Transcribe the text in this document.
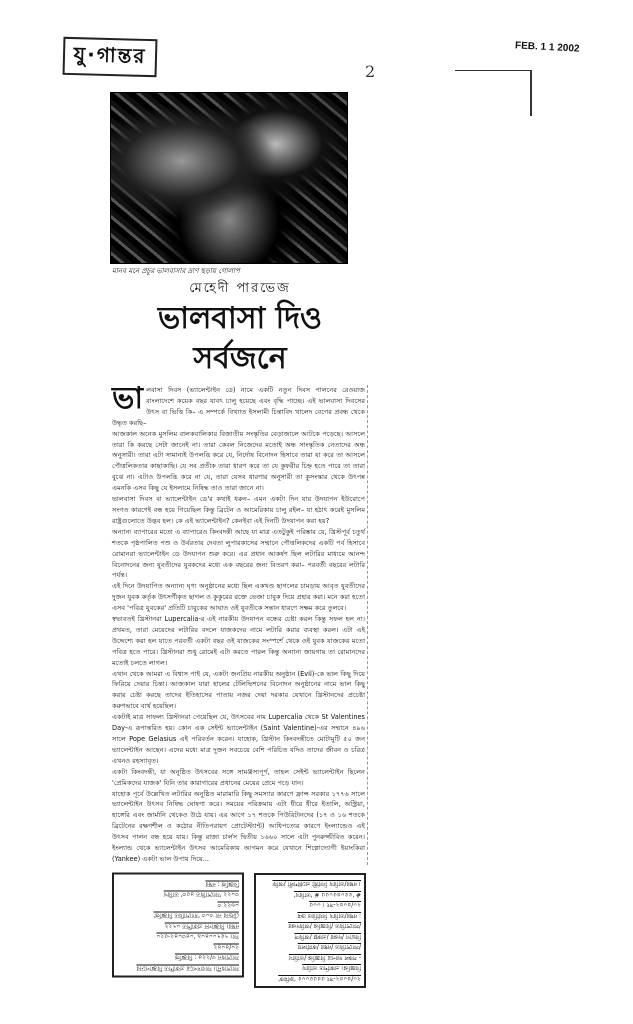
যু·গান্তর	FEB. 1 1 2002
2
মানব মনে প্রচুর ভালবাসার দ্রাণ ছড়ায় গোলাপ
মেহেদী পারভেজ
ভালবাসা দিও সর্বজনে

ভালবাসা দিবস (ভ্যালেন্টাইন ডে) নামে একটি নতুন দিবস পালনের রেওয়াজ বাংলাদেশে কয়েক বছর যাবৎ চালু হয়েছে এবং বৃদ্ধি পাচ্ছে। এই ভালবাসা দিবসের উৎস বা ভিত্তি কি– এ সম্পর্কে বিখ্যাত ইসলামী চিন্তাবিদ খালেদ বেগের প্রবন্ধ থেকে উদ্ধৃত করছি–

আজকাল অনেক মুসলিম বালকবালিকার বিজাতীয় সংস্কৃতির বেড়াজালে আটকে পড়েছে। আসলে তারা কি করছে সেটা জানেই না। তারা কেবল নিজেদের মতোই অন্ধ সাংস্কৃতিক নেতাদের অন্ধ অনুসারী। তারা এটা সামান্যই উপলব্ধি করে যে, নির্দোষ বিনোদন হিসাবে তারা যা করে তা আসলে পৌত্তলিকতার কাছাকাছি। যে সব প্রতীক তারা ধারণ করে তা যে কুফরীর চিহ্ন হতে পারে তা তারা বুঝে না। এটাও উপলব্ধি করে না যে, তারা যেসব ধারণার অনুসারী তা কুসংস্কার থেকে উৎপন্ন এমনকি এসব কিছু যে ইসলামে নিষিদ্ধ তাও তারা জানে না।

ভালবাসা দিবস বা ভ্যালেন্টাইন ডে'র কথাই ধরুন– এমন একটা দিন যার উদযাপন ইউরোপে সংগত কারণেই বন্ধ হয়ে গিয়েছিল কিন্তু ব্রিটেন ও আমেরিকায় চালু রইল– যা হঠাৎ করেই মুসলিম রাষ্ট্রগুলোতে উদ্ভব হল। কে এই ভ্যালেন্টাইন? কেনইবা এই দিনটি উদযাপন করা হয়?

অন্যান্য ব্যাপারের মতো এ ব্যাপারেও কিংবদন্তী আছে যা মাত্র এতটুকুই পরিষ্কার যে, খ্রিস্টপূর্ব চতুর্থ শতকে পৃষ্ঠপালিত পশু ও উর্বরতার দেবতা লুপারকাসের সম্মানে পৌত্তলিকদের একটি পর্ব হিসাবে রোমানরা ভ্যালেন্টাইন ডে উদযাপন শুরু করে। এর প্রধান আকর্ষণ ছিল লটারির মাধ্যমে আনন্দ বিনোদনের জন্য যুবতীদের যুবকদের মধ্যে এক বছরের জন্য বিতরণ করা– পরবর্তী বছরের লটারি পর্যন্ত।

এই দিনে উদযাপিত অন্যান্য ঘৃণ্য অনুষ্ঠানের মধ্যে ছিল একখণ্ড ছাগলের চামড়ায় আবৃত যুবতীদের দুজন যুবক কর্তৃক উৎসর্গীকৃত ছাগল ও কুকুরের রক্তে ভেজা চাবুক দিয়ে প্রহার করা। মনে করা হতো এসব 'পবিত্র যুবকের' প্রতিটি চাবুকের আঘাত ওই যুবতীকে সন্তান ধারণে সক্ষম করে তুলবে।

স্বভাবতই খ্রিস্টানরা Lupercalia-র এই নারকীয় উদযাপন বন্ধের চেষ্টা করল কিন্তু সফল হল না। প্রথমত, তারা মেয়েদের লটারির বদলে যাজকদের নামে লটারি করার ব্যবস্থা করল। এটা এই উদ্দেশ্যে করা হল যাতে পরবর্তী একটা বছর ওই যাজকের সংস্পর্শে থেকে ওই যুবক যাজকের মতো পবিত্র হতে পারে। খ্রিস্টানরা শুধু রোমেই এটা করতে পারল কিন্তু অন্যান্য জায়গায় তা রোমানদের মতোই চলতে লাগল।

এখান থেকে আমরা এ বিশ্বাস পাই যে, একটা জনপ্রিয় নারকীয় অনুষ্ঠান (Evil)-কে ভাল কিছু দিয়ে ফিরিয়ে দেয়ার চিন্তা। আজকাল যারা হালের টেলিভিশনের বিনোদন অনুষ্ঠানের নামে ভাল কিছু করার চেষ্টা করছে তাদের ইতিহাসের পাতায় নজর দেয়া দরকার যেখানে খ্রিস্টানদের প্রচেষ্টা করুণভাবে ব্যর্থ হয়েছিল।

একটাই মাত্র সাফল্য খ্রিস্টানরা পেয়েছিল যে, উৎসবের নাম Lupercalia থেকে St Valentines Day-এ রূপান্তরিত হয়। কোন এক সেইন্ট ভ্যালেন্টাইন (Saint Valentine)-এর সম্মানে ৪৯৬ সালে Pope Gelasius এই পরিবর্তন করেন। যাহোক, খ্রিস্টান কিংবদন্তীতে মোটামুটি ৫০ জন ভ্যালেন্টাইন আছেন। এদের মধ্যে মাত্র দুজন সবচেয়ে বেশি পরিচিত যদিও তাদের জীবন ও চরিত্র এখনও রহস্যাবৃত।

একটা কিংবদন্তী, যা অনুষ্ঠিত উৎসবের সঙ্গে সামঞ্জস্যপূর্ণ, তাহল সেইন্ট ভ্যালেন্টাইন ছিলেন 'প্রেমিকদের যাজক' যিনি তার কারাগারের প্রধানের মেয়ের প্রেমে পড়ে যান।

যাহোক পূর্বে উল্লেখিত লটারির অনুষ্ঠিত মারামারি কিছু সমস্যার কারণে ফ্রান্স সরকার ১৭৭৬ সালে ভ্যালেন্টাইন উৎসব নিষিদ্ধ ঘোষণা করে। সময়ের পরিক্রমায় এটা ধীরে ধীরে ইতালি, অস্ট্রিয়া, হাঙ্গেরি এবং জার্মানি থেকেও উঠে যায়। এর আগে ১৭ শতকে পিউরিটানদের (১৭ ও ১৬ শতকে ব্রিটেনের রক্ষণশীল ও কঠোর নীতিপরায়ণ প্রোটেস্ট্যান্ট) আধিপত্যের কারণে ইংল্যান্ডেও এই উৎসব পালন বন্ধ হয়ে যায়। কিন্তু রাজা চার্লস দ্বিতীয় ১৬৬০ সালে এটা পুনরুজ্জীবিত করেন। ইংল্যান্ড থেকে ভ্যালেন্টাইন উৎসব আমেরিকায় আগমন করে যেখানে শিল্পোদ্যোগী ইয়াংকিরা (Yankee) একটা ভাল উপায় দিয়ে...

সংশোধনী। সংবাদপত্রে প্রকাশিত বিজ্ঞাপনের
সংশোধন ৩/২২৪ : বিজ্ঞপ্তি
২০/৪০৪২
সং। ৭৫৭০০৪০৯ '০৪৩০৪২-৫২০
নম্বর। বিজ্ঞাপন প্রকাশিত ০৭২২
টেন্ডার নং ৩০৩ 'সংশোধিত বিজ্ঞপ্তি'
০৬২২ ৩
৩০২২ 'সংশোধিত ৪৫৩' তারিখ
বিজ্ঞপ্তি : নম্বর
২০/৪০৪২-সং ৫৪৫৫০০৫ 'ক্রমিক'
বিজ্ঞপ্তি। প্রকাশিত তারিখ
- সকল দরপত্র বিজ্ঞপ্তি /তারিখ
/সংশোধিত /নম্বর /কার্যালয়
বিভাগ /দপ্তর /প্রকল্প /অফিস
/সংশোধিত /বিজ্ঞপ্তি /অধিদপ্তর
: নম্বর/তারিখ নির্ধারিত ক্রম
২০/৪০৪২-সং । ০০৫
# '৫৫০৪৫০৫৫ # 'তারিখ'
। নম্বর/তারিখ নির্বাহী প্রকৌশলী /অফি
